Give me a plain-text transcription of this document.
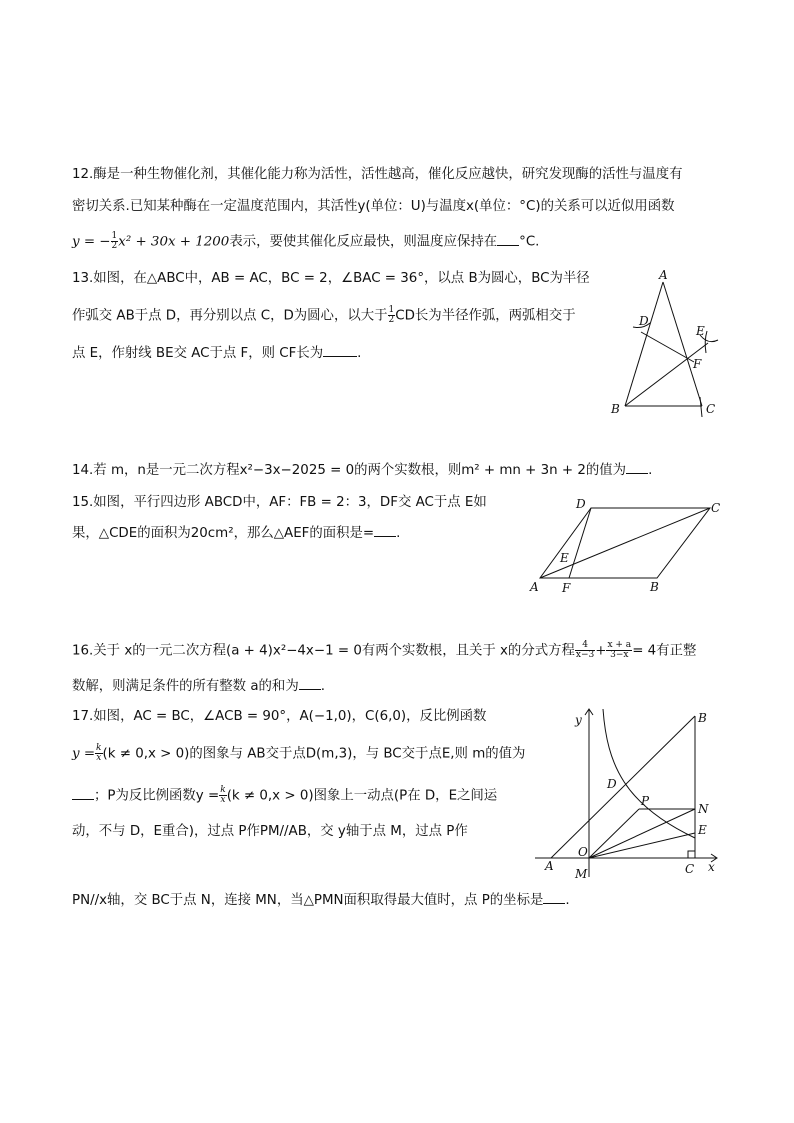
12.酶是一种生物催化剂，其催化能力称为活性，活性越高，催化反应越快，研究发现酶的活性与温度有
密切关系.已知某种酶在一定温度范围内，其活性y(单位：U)与温度x(单位：°C)的关系可以近似用函数
y = − $\frac{1}{2} x^2 + 30x + 1200$表示，要使其催化反应最快，则温度应保持在 °C.
13.如图，在△ABC中，AB = AC，BC = 2，∠BAC = 36°，以点 B为圆心，BC为半径
作弧交 AB于点 D，再分别以点 C，D为圆心，以大于 $\frac{1}{2}$ CD长为半径作弧，两弧相交于
点 E，作射线 BE交 AC于点 F，则 CF长为	.
A
B	C
D
E
F
14.若 m，n是一元二次方程x²−3x−2025 = 0的两个实数根，则m² + mn + 3n + 2的值为 .
15.如图，平行四边形 ABCD中，AF：FB = 2：3，DF交 AC于点 E如
果，△CDE的面积为20cm²，那么△AEF的面积是= .
A	B
C
D
E
F
16.关于 x的一元二次方程(a + 4)x²−4x−1 = 0有两个实数根，且关于 x的分式方程 $\frac{4}{x-3} + \frac{x + a}{3-x} = 4$有正整
数解，则满足条件的所有整数 a的和为 .
17.如图，AC = BC，∠ACB = 90°，A(−1,0)，C(6,0)，反比例函数
$y = \frac{k}{x} (k \ne 0,x > 0)$的图象与 AB交于点D(m,3)，与 BC交于点E,则 m的值为
；P为反比例函数$y = \frac{k}{x} (k \ne 0,x > 0)$图象上一动点(P在 D，E之间运
动，不与 D，E重合)，过点 P作PM//AB，交 y轴于点 M，过点 P作
PN//x轴，交 BC于点 N，连接 MN，当△PMN面积取得最大值时，点 P的坐标是 .
y
x
B
D
P
N
E
O
A
M	C
